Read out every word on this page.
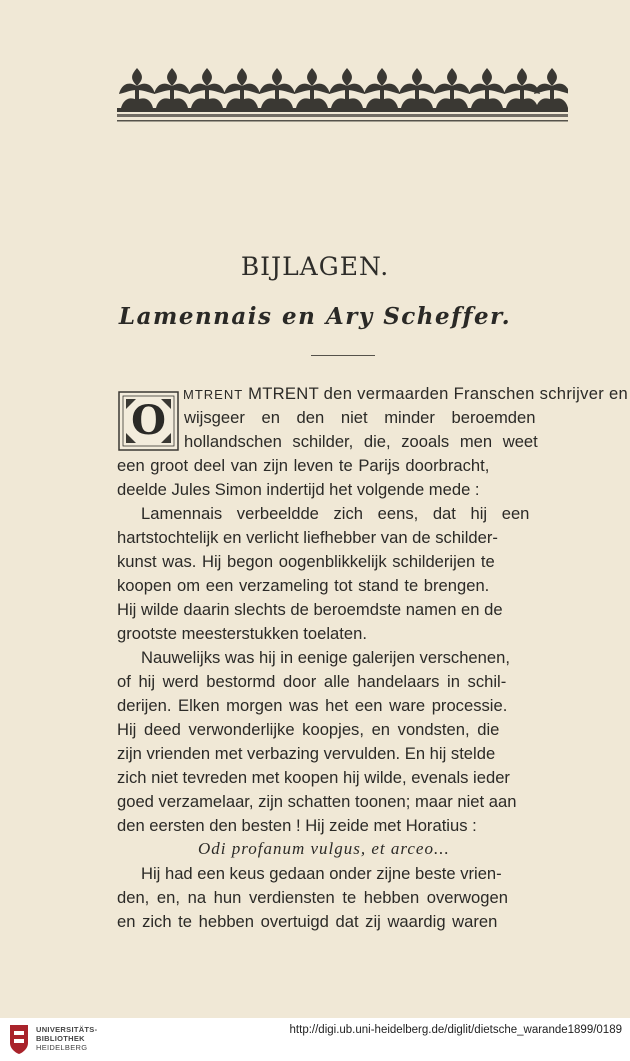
BIJLAGEN.
Lamennais en Ary Scheffer.
O
MTRENT MTRENT den vermaarden Franschen schrijver en
wijsgeer en den niet minder beroemden
hollandschen schilder, die, zooals men weet
een groot deel van zijn leven te Parijs doorbracht,
deelde Jules Simon indertijd het volgende mede :
Lamennais verbeeldde zich eens, dat hij een
hartstochtelijk en verlicht liefhebber van de schilder-
kunst was. Hij begon oogenblikkelijk schilderijen te
koopen om een verzameling tot stand te brengen.
Hij wilde daarin slechts de beroemdste namen en de
grootste meesterstukken toelaten.
Nauwelijks was hij in eenige galerijen verschenen,
of hij werd bestormd door alle handelaars in schil-
derijen. Elken morgen was het een ware processie.
Hij deed verwonderlijke koopjes, en vondsten, die
zijn vrienden met verbazing vervulden. En hij stelde
zich niet tevreden met koopen hij wilde, evenals ieder
goed verzamelaar, zijn schatten toonen; maar niet aan
den eersten den besten ! Hij zeide met Horatius :
Odi profanum vulgus, et arceo...
Hij had een keus gedaan onder zijne beste vrien-
den, en, na hun verdiensten te hebben overwogen
en zich te hebben overtuigd dat zij waardig waren
UNIVERSITÄTS-
BIBLIOTHEK
HEIDELBERG
http://digi.ub.uni-heidelberg.de/diglit/dietsche_warande1899/0189
